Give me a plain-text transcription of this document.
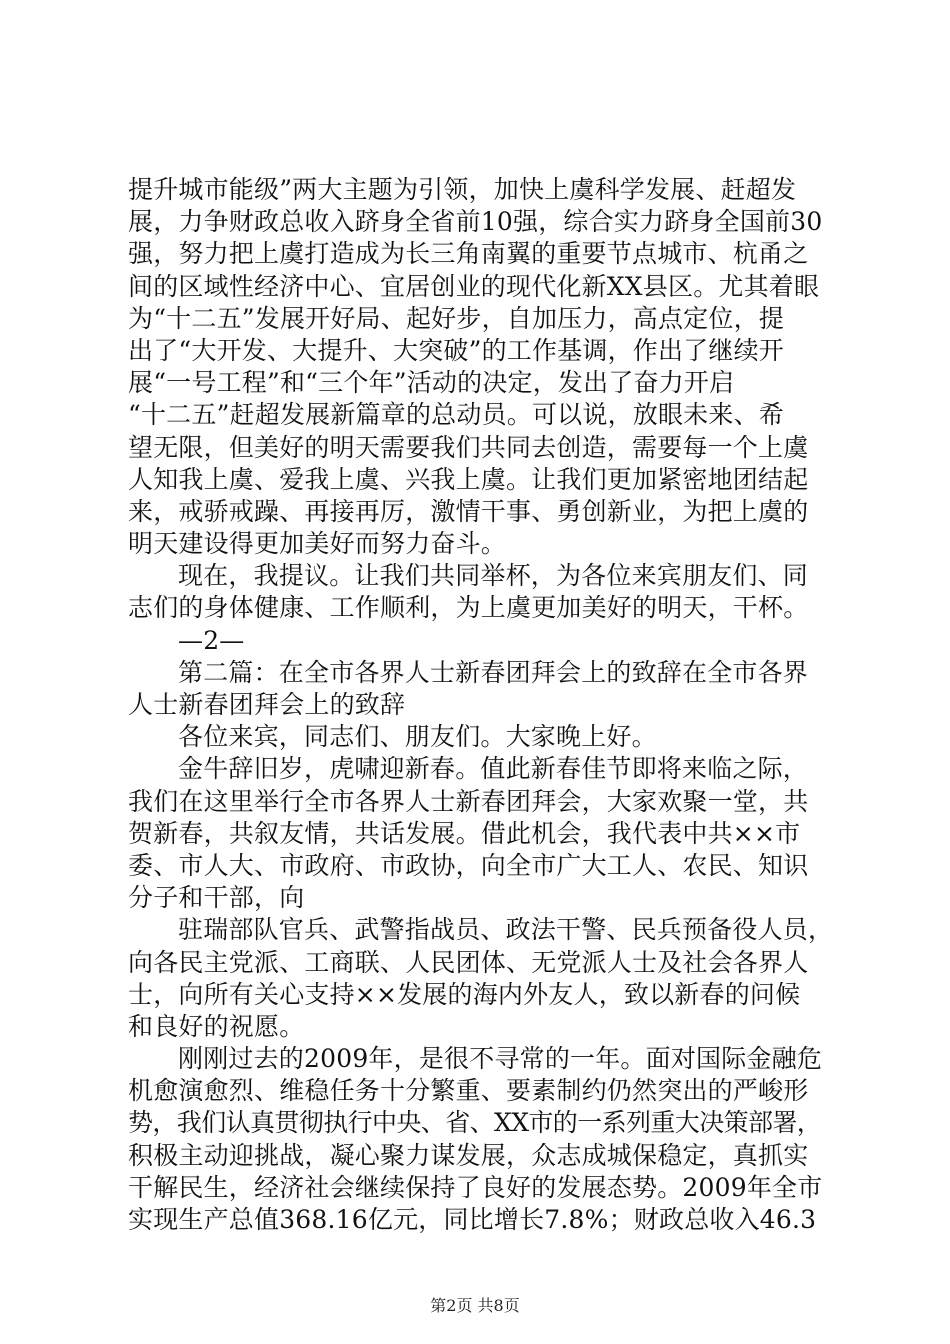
提升城市能级”两大主题为引领，加快上虞科学发展、赶超发
展，力争财政总收入跻身全省前10强，综合实力跻身全国前30
强，努力把上虞打造成为长三角南翼的重要节点城市、杭甬之
间的区域性经济中心、宜居创业的现代化新XX县区。尤其着眼
为“十二五”发展开好局、起好步，自加压力，高点定位，提
出了“大开发、大提升、大突破”的工作基调，作出了继续开
展“一号工程”和“三个年”活动的决定，发出了奋力开启
“十二五”赶超发展新篇章的总动员。可以说，放眼未来、希
望无限，但美好的明天需要我们共同去创造，需要每一个上虞
人知我上虞、爱我上虞、兴我上虞。让我们更加紧密地团结起
来，戒骄戒躁、再接再厉，激情干事、勇创新业，为把上虞的
明天建设得更加美好而努力奋斗。
现在，我提议。让我们共同举杯，为各位来宾朋友们、同
志们的身体健康、工作顺利，为上虞更加美好的明天，干杯。
—2—
第二篇：在全市各界人士新春团拜会上的致辞在全市各界
人士新春团拜会上的致辞
各位来宾，同志们、朋友们。大家晚上好。
金牛辞旧岁，虎啸迎新春。值此新春佳节即将来临之际，
我们在这里举行全市各界人士新春团拜会，大家欢聚一堂，共
贺新春，共叙友情，共话发展。借此机会，我代表中共××市
委、市人大、市政府、市政协，向全市广大工人、农民、知识
分子和干部，向
驻瑞部队官兵、武警指战员、政法干警、民兵预备役人员，
向各民主党派、工商联、人民团体、无党派人士及社会各界人
士，向所有关心支持××发展的海内外友人，致以新春的问候
和良好的祝愿。
刚刚过去的2009年，是很不寻常的一年。面对国际金融危
机愈演愈烈、维稳任务十分繁重、要素制约仍然突出的严峻形
势，我们认真贯彻执行中央、省、XX市的一系列重大决策部署，
积极主动迎挑战，凝心聚力谋发展，众志成城保稳定，真抓实
干解民生，经济社会继续保持了良好的发展态势。2009年全市
实现生产总值368.16亿元，同比增长7.8%；财政总收入46.3
第2页 共8页
